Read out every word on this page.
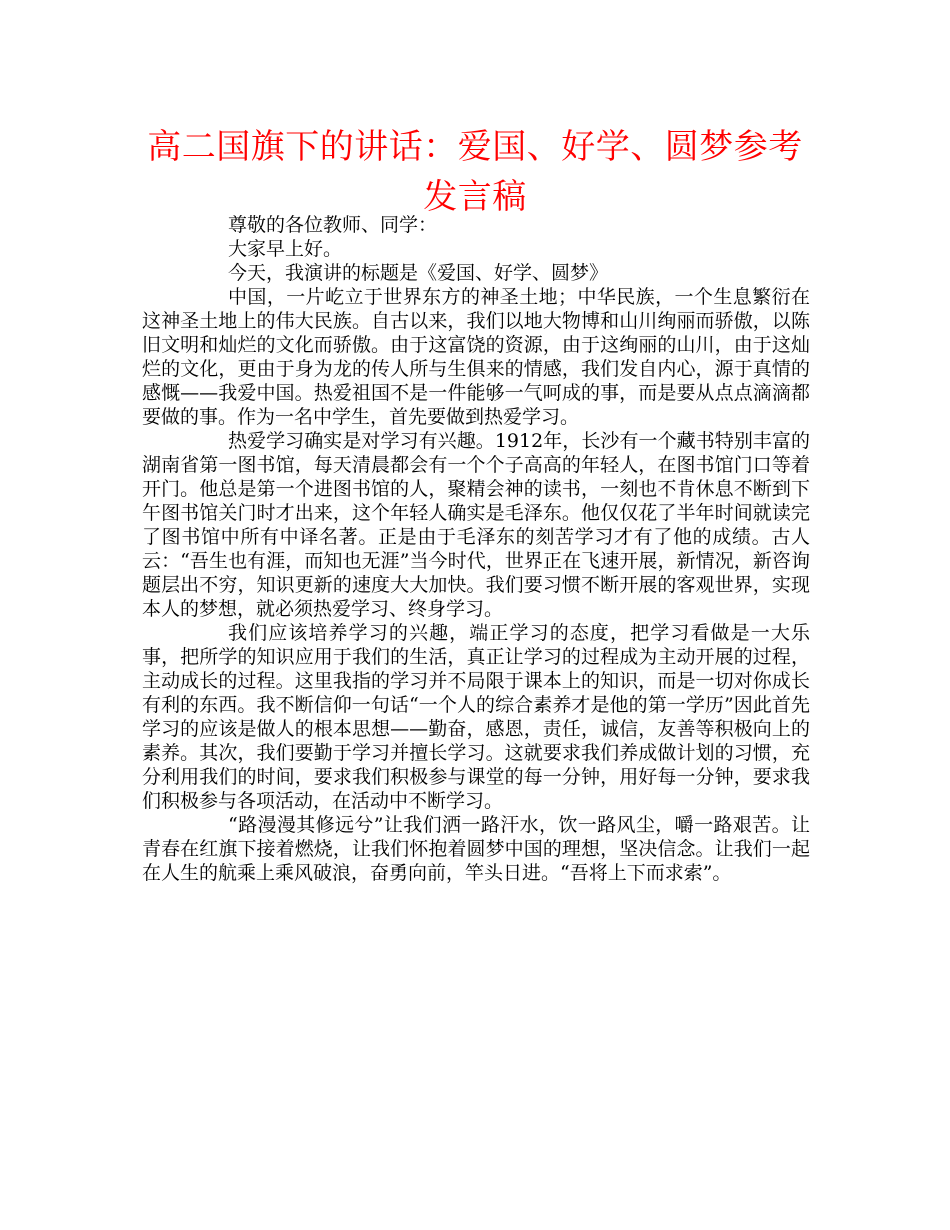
高二国旗下的讲话：爱国、好学、圆梦参考发言稿

尊敬的各位教师、同学：

大家早上好。

今天，我演讲的标题是《爱国、好学、圆梦》

中国，一片屹立于世界东方的神圣土地；中华民族，一个生息繁衍在这神圣土地上的伟大民族。自古以来，我们以地大物博和山川绚丽而骄傲，以陈旧文明和灿烂的文化而骄傲。由于这富饶的资源，由于这绚丽的山川，由于这灿烂的文化，更由于身为龙的传人所与生俱来的情感，我们发自内心，源于真情的感慨——我爱中国。热爱祖国不是一件能够一气呵成的事，而是要从点点滴滴都要做的事。作为一名中学生，首先要做到热爱学习。

热爱学习确实是对学习有兴趣。1912年，长沙有一个藏书特别丰富的湖南省第一图书馆，每天清晨都会有一个个子高高的年轻人，在图书馆门口等着开门。他总是第一个进图书馆的人，聚精会神的读书，一刻也不肯休息不断到下午图书馆关门时才出来，这个年轻人确实是毛泽东。他仅仅花了半年时间就读完了图书馆中所有中译名著。正是由于毛泽东的刻苦学习才有了他的成绩。古人云：“吾生也有涯，而知也无涯”当今时代，世界正在飞速开展，新情况，新咨询题层出不穷，知识更新的速度大大加快。我们要习惯不断开展的客观世界，实现本人的梦想，就必须热爱学习、终身学习。

我们应该培养学习的兴趣，端正学习的态度，把学习看做是一大乐事，把所学的知识应用于我们的生活，真正让学习的过程成为主动开展的过程，主动成长的过程。这里我指的学习并不局限于课本上的知识，而是一切对你成长有利的东西。我不断信仰一句话“一个人的综合素养才是他的第一学历”因此首先学习的应该是做人的根本思想——勤奋，感恩，责任，诚信，友善等积极向上的素养。其次，我们要勤于学习并擅长学习。这就要求我们养成做计划的习惯，充分利用我们的时间，要求我们积极参与课堂的每一分钟，用好每一分钟，要求我们积极参与各项活动，在活动中不断学习。

“路漫漫其修远兮”让我们洒一路汗水，饮一路风尘，嚼一路艰苦。让青春在红旗下接着燃烧，让我们怀抱着圆梦中国的理想，坚决信念。让我们一起在人生的航乘上乘风破浪，奋勇向前，竿头日进。“吾将上下而求索”。
